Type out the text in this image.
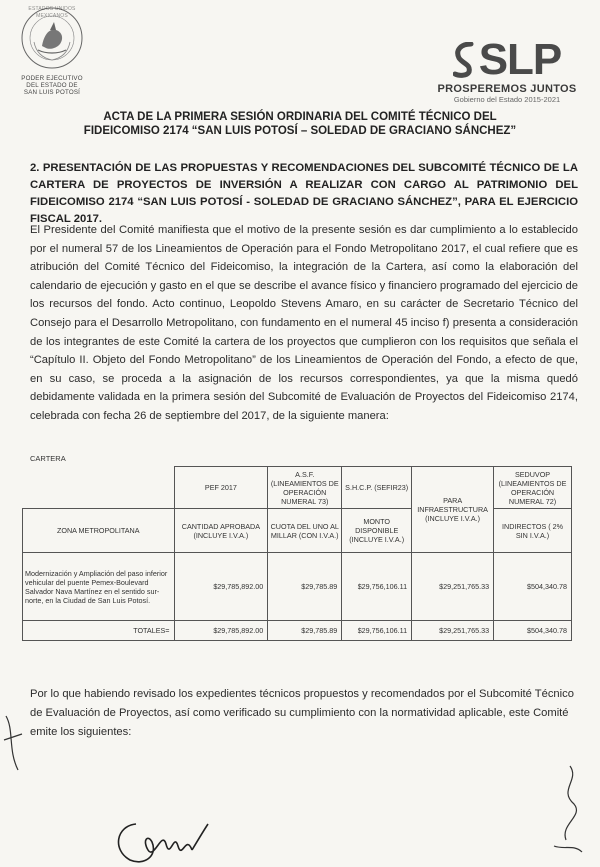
ESTADOS UNIDOS MEXICANOS
PODER EJECUTIVO
DEL ESTADO DE
SAN LUIS POTOSÍ
SLP
PROSPEREMOS JUNTOS
Gobierno del Estado 2015-2021
ACTA DE LA PRIMERA SESIÓN ORDINARIA DEL COMITÉ TÉCNICO DEL
FIDEICOMISO 2174 “SAN LUIS POTOSÍ – SOLEDAD DE GRACIANO SÁNCHEZ”
2. PRESENTACIÓN DE LAS PROPUESTAS Y RECOMENDACIONES DEL SUBCOMITÉ TÉCNICO DE LA CARTERA DE PROYECTOS DE INVERSIÓN A REALIZAR CON CARGO AL PATRIMONIO DEL FIDEICOMISO 2174 “SAN LUIS POTOSÍ - SOLEDAD DE GRACIANO SÁNCHEZ”, PARA EL EJERCICIO FISCAL 2017.
El Presidente del Comité manifiesta que el motivo de la presente sesión es dar cumplimiento a lo establecido por el numeral 57 de los Lineamientos de Operación para el Fondo Metropolitano 2017, el cual refiere que es atribución del Comité Técnico del Fideicomiso, la integración de la Cartera, así como la elaboración del calendario de ejecución y gasto en el que se describe el avance físico y financiero programado del ejercicio de los recursos del fondo. Acto continuo, Leopoldo Stevens Amaro, en su carácter de Secretario Técnico del Consejo para el Desarrollo Metropolitano, con fundamento en el numeral 45 inciso f) presenta a consideración de los integrantes de este Comité la cartera de los proyectos que cumplieron con los requisitos que señala el “Capítulo II. Objeto del Fondo Metropolitano” de los Lineamientos de Operación del Fondo, a efecto de que, en su caso, se proceda a la asignación de los recursos correspondientes, ya que la misma quedó debidamente validada en la primera sesión del Subcomité de Evaluación de Proyectos del Fideicomiso 2174, celebrada con fecha 26 de septiembre del 2017, de la siguiente manera:
CARTERA
	PEF 2017	A.S.F. (LINEAMIENTOS DE OPERACIÓN NUMERAL 73)	S.H.C.P. (SEFIR23)	PARA INFRAESTRUCTURA (INCLUYE I.V.A.)	SEDUVOP (LINEAMIENTOS DE OPERACIÓN NUMERAL 72)
ZONA METROPOLITANA	CANTIDAD APROBADA (INCLUYE I.V.A.)	CUOTA DEL UNO AL MILLAR (CON I.V.A.)	MONTO DISPONIBLE (INCLUYE I.V.A.)		INDIRECTOS ( 2% SIN I.V.A.)
Modernización y Ampliación del paso inferior vehicular del puente Pemex-Boulevard Salvador Nava Martínez en el sentido sur-norte, en la Ciudad de San Luis Potosí.	$29,785,892.00	$29,785.89	$29,756,106.11	$29,251,765.33	$504,340.78
TOTALES=	$29,785,892.00	$29,785.89	$29,756,106.11	$29,251,765.33	$504,340.78
Por lo que habiendo revisado los expedientes técnicos propuestos y recomendados por el Subcomité Técnico de Evaluación de Proyectos, así como verificado su cumplimiento con la normatividad aplicable, este Comité emite los siguientes:
